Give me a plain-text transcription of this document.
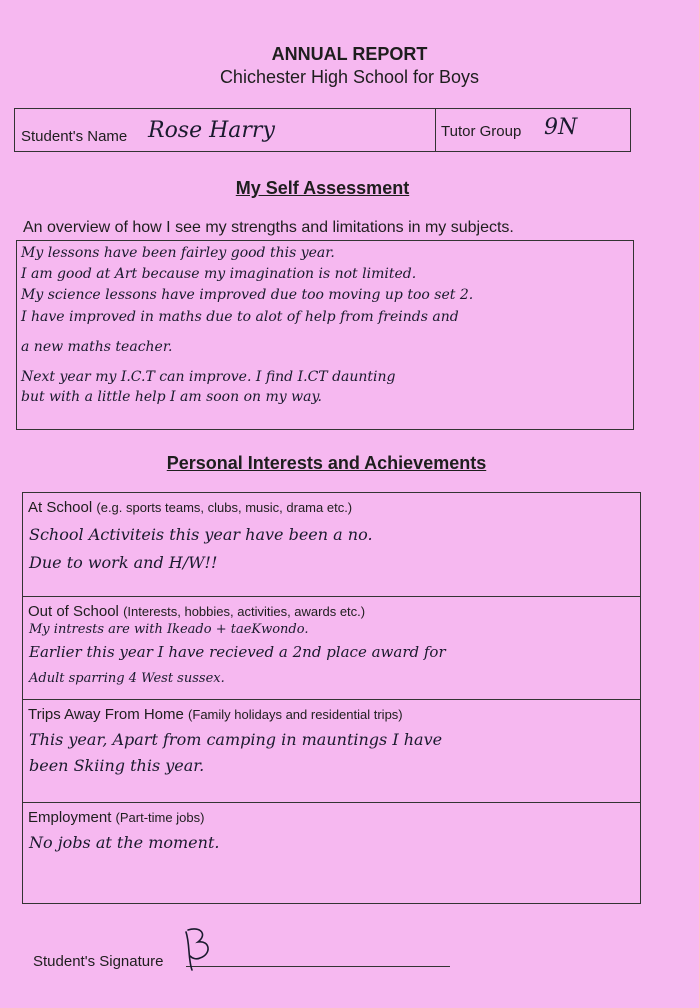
ANNUAL REPORT
Chichester High School for Boys
Student's Name Rose Harry	Tutor Group 9N
My Self Assessment
An overview of how I see my strengths and limitations in my subjects.
My lessons have been fairley good this year.
I am good at Art because my imagination is not limited.
My science lessons have improved due too moving up too set 2.
I have improved in maths due to alot of help from freinds and
a new maths teacher.
Next year my I.C.T can improve. I find I.CT daunting
but with a little help I am soon on my way.
Personal Interests and Achievements
At School (e.g. sports teams, clubs, music, drama etc.)
School Activiteis this year have been a no.
Due to work and H/W!!
Out of School (Interests, hobbies, activities, awards etc.)
My intrests are with Ikeado + taeKwondo.
Earlier this year I have recieved a 2nd place award for
Adult sparring 4 West sussex.
Trips Away From Home (Family holidays and residential trips)
This year, Apart from camping in mauntings I have
been Skiing this year.
Employment (Part-time jobs)
No jobs at the moment.
Student's Signature
